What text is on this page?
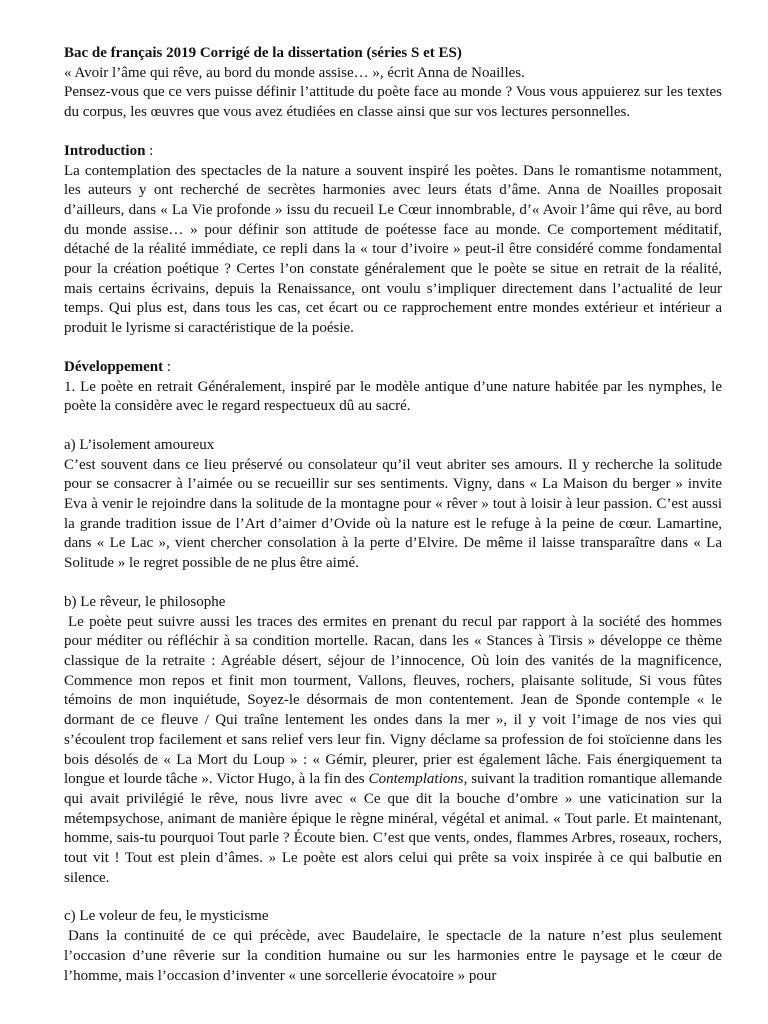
Bac de français 2019 Corrigé de la dissertation (séries S et ES)
« Avoir l’âme qui rêve, au bord du monde assise… », écrit Anna de Noailles.

Pensez-vous que ce vers puisse définir l’attitude du poète face au monde ? Vous vous appuierez sur les textes du corpus, les œuvres que vous avez étudiées en classe ainsi que sur vos lectures personnelles.

Introduction :

La contemplation des spectacles de la nature a souvent inspiré les poètes. Dans le romantisme notamment, les auteurs y ont recherché de secrètes harmonies avec leurs états d’âme. Anna de Noailles proposait d’ailleurs, dans « La Vie profonde » issu du recueil Le Cœur innombrable, d’« Avoir l’âme qui rêve, au bord du monde assise… » pour définir son attitude de poétesse face au monde. Ce comportement méditatif, détaché de la réalité immédiate, ce repli dans la « tour d’ivoire » peut-il être considéré comme fondamental pour la création poétique ? Certes l’on constate généralement que le poète se situe en retrait de la réalité, mais certains écrivains, depuis la Renaissance, ont voulu s’impliquer directement dans l’actualité de leur temps. Qui plus est, dans tous les cas, cet écart ou ce rapprochement entre mondes extérieur et intérieur a produit le lyrisme si caractéristique de la poésie.

Développement :

1. Le poète en retrait Généralement, inspiré par le modèle antique d’une nature habitée par les nymphes, le poète la considère avec le regard respectueux dû au sacré.

a) L’isolement amoureux

C’est souvent dans ce lieu préservé ou consolateur qu’il veut abriter ses amours. Il y recherche la solitude pour se consacrer à l’aimée ou se recueillir sur ses sentiments. Vigny, dans « La Maison du berger » invite Eva à venir le rejoindre dans la solitude de la montagne pour « rêver » tout à loisir à leur passion. C’est aussi la grande tradition issue de l’Art d’aimer d’Ovide où la nature est le refuge à la peine de cœur. Lamartine, dans « Le Lac », vient chercher consolation à la perte d’Elvire. De même il laisse transparaître dans « La Solitude » le regret possible de ne plus être aimé.

b) Le rêveur, le philosophe

Le poète peut suivre aussi les traces des ermites en prenant du recul par rapport à la société des hommes pour méditer ou réfléchir à sa condition mortelle. Racan, dans les « Stances à Tirsis » développe ce thème classique de la retraite : Agréable désert, séjour de l’innocence, Où loin des vanités de la magnificence, Commence mon repos et finit mon tourment, Vallons, fleuves, rochers, plaisante solitude, Si vous fûtes témoins de mon inquiétude, Soyez-le désormais de mon contentement. Jean de Sponde contemple « le dormant de ce fleuve / Qui traîne lentement les ondes dans la mer », il y voit l’image de nos vies qui s’écoulent trop facilement et sans relief vers leur fin. Vigny déclame sa profession de foi stoïcienne dans les bois désolés de « La Mort du Loup » : « Gémir, pleurer, prier est également lâche. Fais énergiquement ta longue et lourde tâche ». Victor Hugo, à la fin des Contemplations, suivant la tradition romantique allemande qui avait privilégié le rêve, nous livre avec « Ce que dit la bouche d’ombre » une vaticination sur la métempsychose, animant de manière épique le règne minéral, végétal et animal. « Tout parle. Et maintenant, homme, sais-tu pourquoi Tout parle ? Écoute bien. C’est que vents, ondes, flammes Arbres, roseaux, rochers, tout vit ! Tout est plein d’âmes. » Le poète est alors celui qui prête sa voix inspirée à ce qui balbutie en silence.

c) Le voleur de feu, le mysticisme

Dans la continuité de ce qui précède, avec Baudelaire, le spectacle de la nature n’est plus seulement l’occasion d’une rêverie sur la condition humaine ou sur les harmonies entre le paysage et le cœur de l’homme, mais l’occasion d’inventer « une sorcellerie évocatoire » pour
